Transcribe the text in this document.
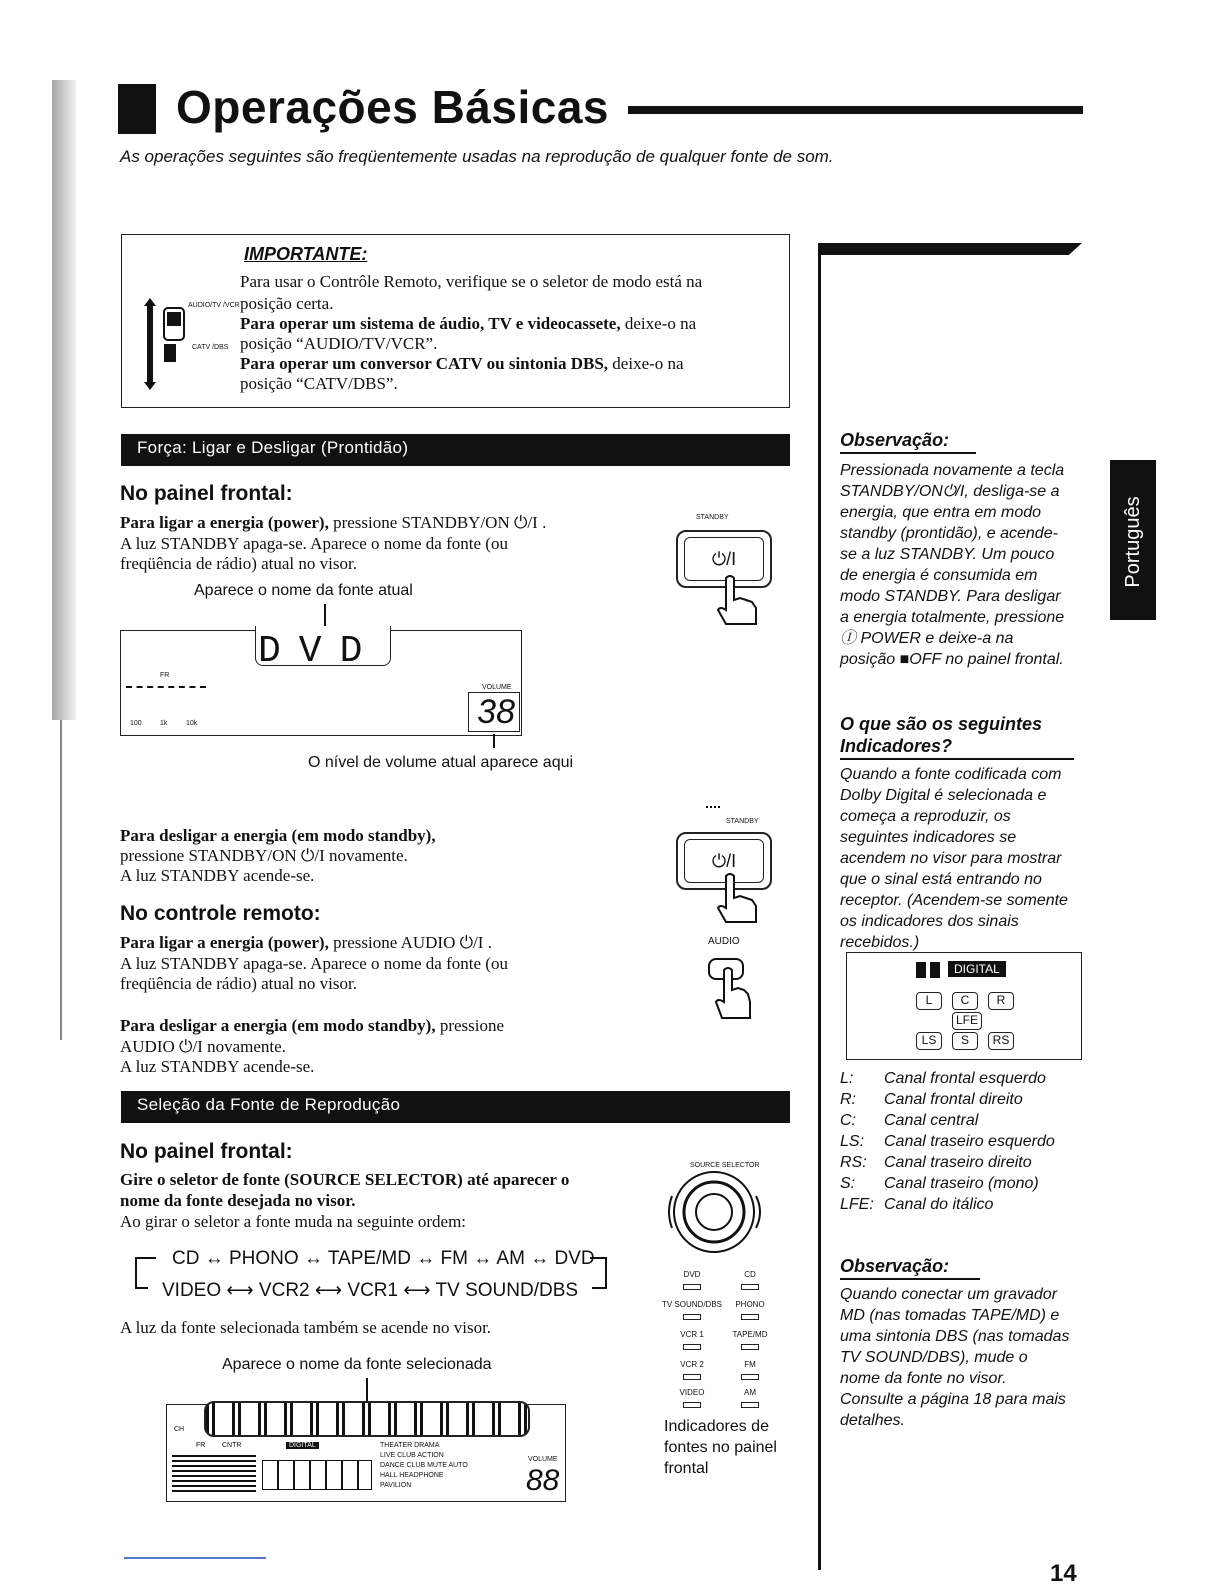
Operações Básicas
As operações seguintes são freqüentemente usadas na reprodução de qualquer fonte de som.
IMPORTANTE:
AUDIO/TV /VCR
CATV /DBS
Para usar o Contrôle Remoto, verifique se o seletor de modo está na
posição certa.
Para operar um sistema de áudio, TV e videocassete, deixe-o na
posição “AUDIO/TV/VCR”.
Para operar um conversor CATV ou sintonia DBS, deixe-o na
posição “CATV/DBS”.
Força: Ligar e Desligar (Prontidão)
No painel frontal:
Para ligar a energia (power), pressione STANDBY/ON ⏻/I .
A luz STANDBY apaga-se. Aparece o nome da fonte (ou
freqüência de rádio) atual no visor.
Aparece o nome da fonte atual
DVD
FR
100	1k	10k
VOLUME
38
O nível de volume atual aparece aqui
STANDBY
⏻/I
Para desligar a energia (em modo standby),
pressione STANDBY/ON ⏻/I novamente.
A luz STANDBY acende-se.
STANDBY
⏻/I
No controle remoto:
Para ligar a energia (power), pressione AUDIO ⏻/I .
A luz STANDBY apaga-se. Aparece o nome da fonte (ou
freqüência de rádio) atual no visor.
AUDIO
Para desligar a energia (em modo standby), pressione
AUDIO ⏻/I novamente.
A luz STANDBY acende-se.
Seleção da Fonte de Reprodução
No painel frontal:
Gire o seletor de fonte (SOURCE SELECTOR) até aparecer o
nome da fonte desejada no visor.
Ao girar o seletor a fonte muda na seguinte ordem:
CD ↔ PHONO ↔ TAPE/MD ↔ FM ↔ AM ↔ DVD
VIDEO ⟷ VCR2 ⟷ VCR1 ⟷ TV SOUND/DBS
A luz da fonte selecionada também se acende no visor.
Aparece o nome da fonte selecionada
CH
FR CNTR	DIGITAL	THEATER DRAMA
LIVE CLUB ACTION
DANCE CLUB MUTE AUTO
HALL HEADPHONE
PAVILION
VOLUME
88
SOURCE SELECTOR
DVD	CD
TV SOUND/DBS	PHONO
VCR 1	TAPE/MD
VCR 2	FM
VIDEO	AM
Indicadores de
fontes no painel
frontal
Português
Observação:
Pressionada novamente a tecla
STANDBY/ON⏻/I, desliga-se a
energia, que entra em modo
standby (prontidão), e acende-
se a luz STANDBY. Um pouco
de energia é consumida em
modo STANDBY. Para desligar
a energia totalmente, pressione
Ⓘ POWER e deixe-a na
posição ■OFF no painel frontal.
O que são os seguintes
Indicadores?
Quando a fonte codificada com
Dolby Digital é selecionada e
começa a reproduzir, os
seguintes indicadores se
acendem no visor para mostrar
que o sinal está entrando no
receptor. (Acendem-se somente
os indicadores dos sinais
recebidos.)
DIGITAL
L	C	R
LFE
LS	S	RS
L: Canal frontal esquerdo
R: Canal frontal direito
C: Canal central
LS: Canal traseiro esquerdo
RS: Canal traseiro direito
S: Canal traseiro (mono)
LFE: Canal do itálico
Observação:
Quando conectar um gravador
MD (nas tomadas TAPE/MD) e
uma sintonia DBS (nas tomadas
TV SOUND/DBS), mude o
nome da fonte no visor.
Consulte a página 18 para mais
detalhes.
14
